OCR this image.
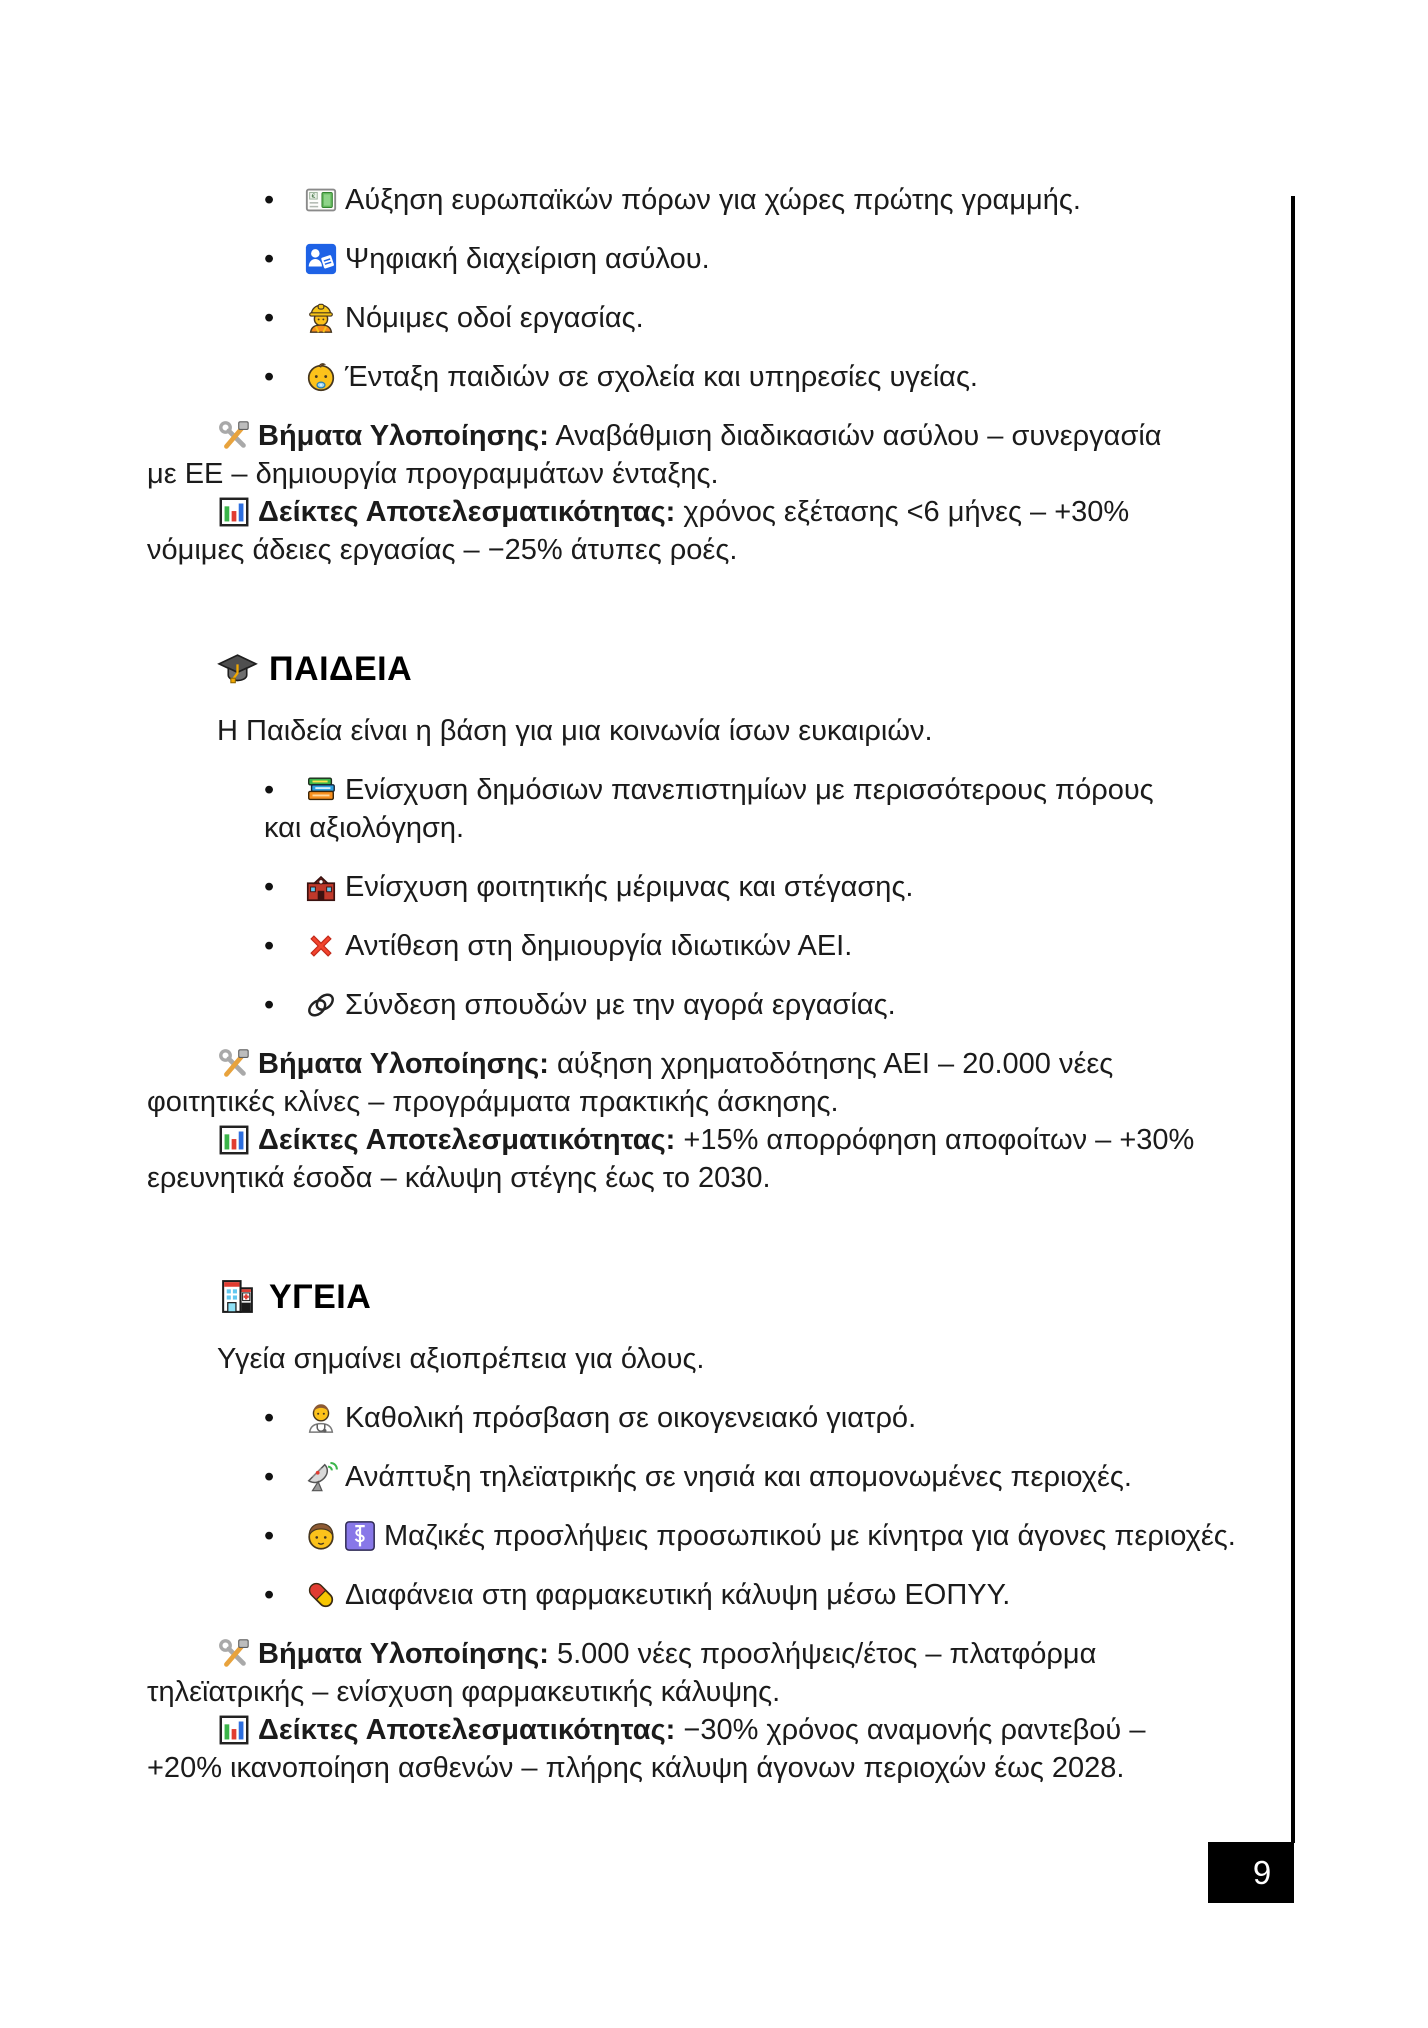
• Αύξηση ευρωπαϊκών πόρων για χώρες πρώτης γραμμής.
• Ψηφιακή διαχείριση ασύλου.
• Νόμιμες οδοί εργασίας.
• Ένταξη παιδιών σε σχολεία και υπηρεσίες υγείας.

Βήματα Υλοποίησης: Αναβάθμιση διαδικασιών ασύλου – συνεργασία με ΕΕ – δημιουργία προγραμμάτων ένταξης.

Δείκτες Αποτελεσματικότητας: χρόνος εξέτασης <6 μήνες – +30% νόμιμες άδειες εργασίας – −25% άτυπες ροές.

ΠΑΙΔΕΙΑ

Η Παιδεία είναι η βάση για μια κοινωνία ίσων ευκαιριών.

• Ενίσχυση δημόσιων πανεπιστημίων με περισσότερους πόρους και αξιολόγηση.
• Ενίσχυση φοιτητικής μέριμνας και στέγασης.
• Αντίθεση στη δημιουργία ιδιωτικών ΑΕΙ.
• Σύνδεση σπουδών με την αγορά εργασίας.

Βήματα Υλοποίησης: αύξηση χρηματοδότησης ΑΕΙ – 20.000 νέες φοιτητικές κλίνες – προγράμματα πρακτικής άσκησης.

Δείκτες Αποτελεσματικότητας: +15% απορρόφηση αποφοίτων – +30% ερευνητικά έσοδα – κάλυψη στέγης έως το 2030.

ΥΓΕΙΑ

Υγεία σημαίνει αξιοπρέπεια για όλους.

• Καθολική πρόσβαση σε οικογενειακό γιατρό.
• Ανάπτυξη τηλεϊατρικής σε νησιά και απομονωμένες περιοχές.
•	Μαζικές προσλήψεις προσωπικού με κίνητρα για άγονες περιοχές.
• Διαφάνεια στη φαρμακευτική κάλυψη μέσω ΕΟΠΥΥ.

Βήματα Υλοποίησης: 5.000 νέες προσλήψεις/έτος – πλατφόρμα τηλεϊατρικής – ενίσχυση φαρμακευτικής κάλυψης.

Δείκτες Αποτελεσματικότητας: −30% χρόνος αναμονής ραντεβού – +20% ικανοποίηση ασθενών – πλήρης κάλυψη άγονων περιοχών έως 2028.

9
